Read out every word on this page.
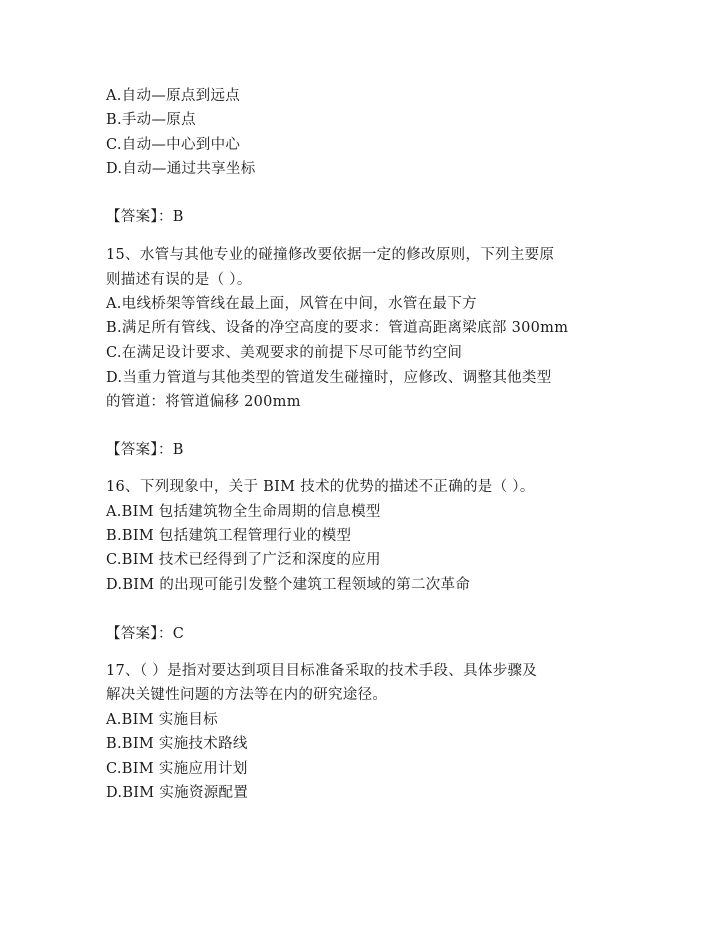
A.自动—原点到远点
B.手动—原点
C.自动—中心到中心
D.自动—通过共享坐标
【答案】：B
15、水管与其他专业的碰撞修改要依据一定的修改原则，下列主要原
则描述有误的是（ ）。
A.电线桥架等管线在最上面，风管在中间，水管在最下方
B.满足所有管线、设备的净空高度的要求：管道高距离梁底部 300mm
C.在满足设计要求、美观要求的前提下尽可能节约空间
D.当重力管道与其他类型的管道发生碰撞时，应修改、调整其他类型
的管道：将管道偏移 200mm
【答案】：B
16、下列现象中，关于 BIM 技术的优势的描述不正确的是（ ）。
A.BIM 包括建筑物全生命周期的信息模型
B.BIM 包括建筑工程管理行业的模型
C.BIM 技术已经得到了广泛和深度的应用
D.BIM 的出现可能引发整个建筑工程领域的第二次革命
【答案】：C
17、（ ）是指对要达到项目目标准备采取的技术手段、具体步骤及
解决关键性问题的方法等在内的研究途径。
A.BIM 实施目标
B.BIM 实施技术路线
C.BIM 实施应用计划
D.BIM 实施资源配置
